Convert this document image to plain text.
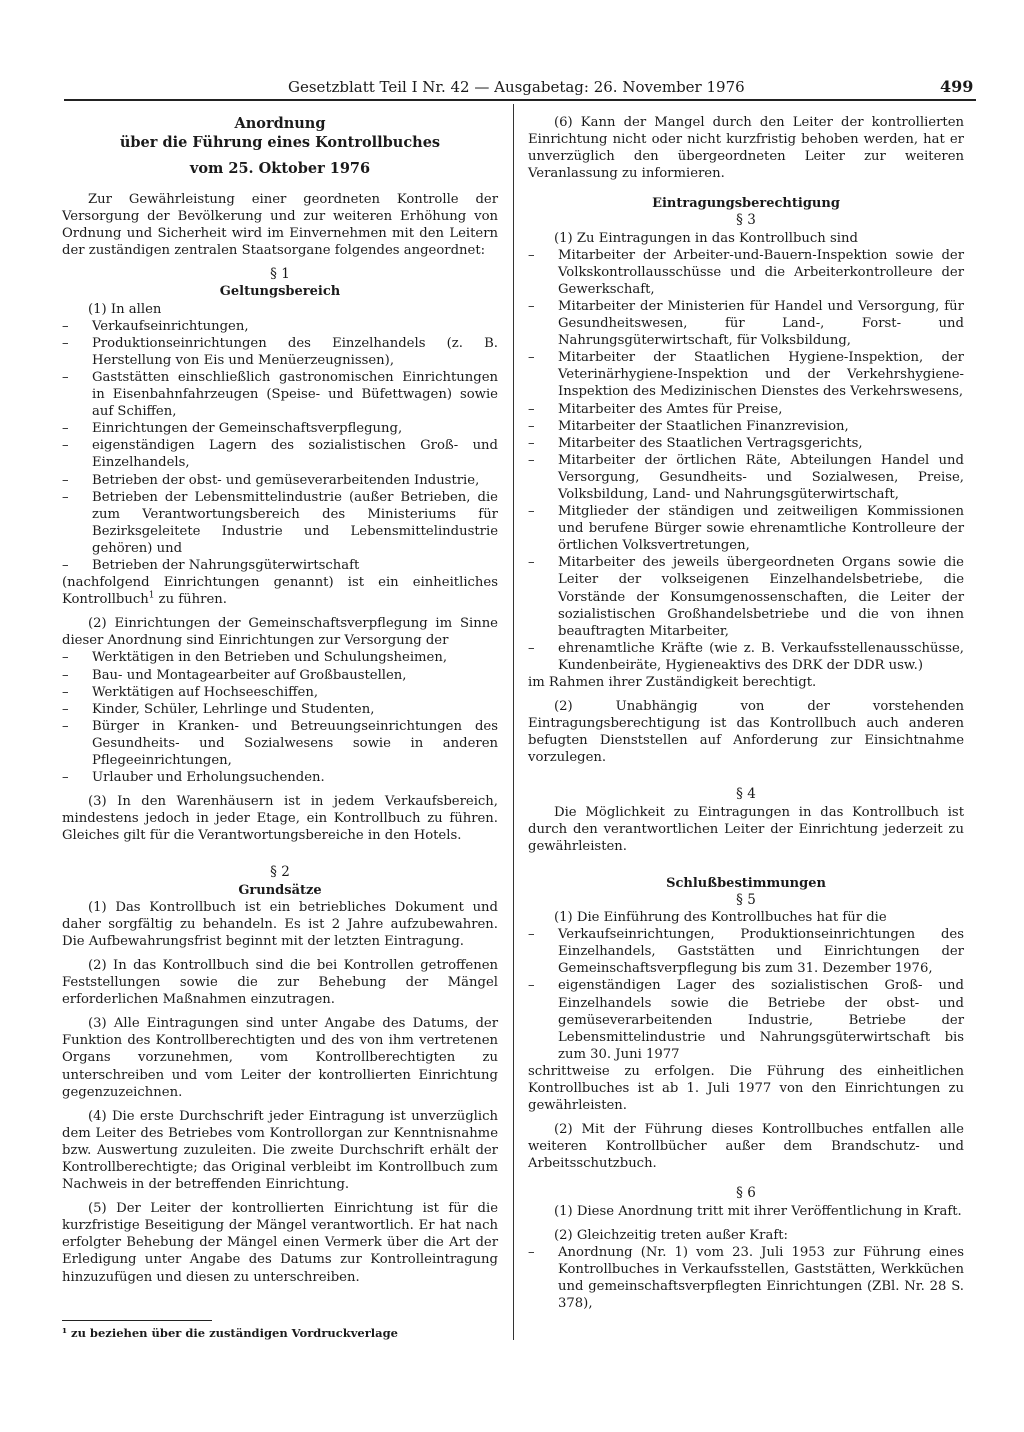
Gesetzblatt Teil I Nr. 42 — Ausgabetag: 26. November 1976	499
Anordnung
über die Führung eines Kontrollbuches
vom 25. Oktober 1976

Zur Gewährleistung einer geordneten Kontrolle der Versorgung der Bevölkerung und zur weiteren Erhöhung von Ordnung und Sicherheit wird im Einvernehmen mit den Leitern der zuständigen zentralen Staatsorgane folgendes angeordnet:

§ 1
Geltungsbereich

(1) In allen

– Verkaufseinrichtungen,
– Produktionseinrichtungen des Einzelhandels (z. B. Herstellung von Eis und Menüerzeugnissen),
– Gaststätten einschließlich gastronomischen Einrichtungen in Eisenbahnfahrzeugen (Speise- und Büfettwagen) sowie auf Schiffen,
– Einrichtungen der Gemeinschaftsverpflegung,
– eigenständigen Lagern des sozialistischen Groß- und Einzelhandels,
– Betrieben der obst- und gemüseverarbeitenden Industrie,
– Betrieben der Lebensmittelindustrie (außer Betrieben, die zum Verantwortungsbereich des Ministeriums für Bezirksgeleitete Industrie und Lebensmittelindustrie gehören) und
– Betrieben der Nahrungsgüterwirtschaft

(nachfolgend Einrichtungen genannt) ist ein einheitliches Kontrollbuch$^1$ zu führen.

(2) Einrichtungen der Gemeinschaftsverpflegung im Sinne dieser Anordnung sind Einrichtungen zur Versorgung der

– Werktätigen in den Betrieben und Schulungsheimen,
– Bau- und Montagearbeiter auf Großbaustellen,
– Werktätigen auf Hochseeschiffen,
– Kinder, Schüler, Lehrlinge und Studenten,
– Bürger in Kranken- und Betreuungseinrichtungen des Gesundheits- und Sozialwesens sowie in anderen Pflegeeinrichtungen,
– Urlauber und Erholungsuchenden.

(3) In den Warenhäusern ist in jedem Verkaufsbereich, mindestens jedoch in jeder Etage, ein Kontrollbuch zu führen. Gleiches gilt für die Verantwortungsbereiche in den Hotels.

§ 2
Grundsätze

(1) Das Kontrollbuch ist ein betriebliches Dokument und daher sorgfältig zu behandeln. Es ist 2 Jahre aufzubewahren. Die Aufbewahrungsfrist beginnt mit der letzten Eintragung.

(2) In das Kontrollbuch sind die bei Kontrollen getroffenen Feststellungen sowie die zur Behebung der Mängel erforderlichen Maßnahmen einzutragen.

(3) Alle Eintragungen sind unter Angabe des Datums, der Funktion des Kontrollberechtigten und des von ihm vertretenen Organs vorzunehmen, vom Kontrollberechtigten zu unterschreiben und vom Leiter der kontrollierten Einrichtung gegenzuzeichnen.

(4) Die erste Durchschrift jeder Eintragung ist unverzüglich dem Leiter des Betriebes vom Kontrollorgan zur Kenntnisnahme bzw. Auswertung zuzuleiten. Die zweite Durchschrift erhält der Kontrollberechtigte; das Original verbleibt im Kontrollbuch zum Nachweis in der betreffenden Einrichtung.

(5) Der Leiter der kontrollierten Einrichtung ist für die kurzfristige Beseitigung der Mängel verantwortlich. Er hat nach erfolgter Behebung der Mängel einen Vermerk über die Art der Erledigung unter Angabe des Datums zur Kontrolleintragung hinzuzufügen und diesen zu unterschreiben.

¹ zu beziehen über die zuständigen Vordruckverlage

(6) Kann der Mangel durch den Leiter der kontrollierten Einrichtung nicht oder nicht kurzfristig behoben werden, hat er unverzüglich den übergeordneten Leiter zur weiteren Veranlassung zu informieren.

Eintragungsberechtigung
§ 3

(1) Zu Eintragungen in das Kontrollbuch sind

– Mitarbeiter der Arbeiter-und-Bauern-Inspektion sowie der Volkskontrollausschüsse und die Arbeiterkontrolleure der Gewerkschaft,
– Mitarbeiter der Ministerien für Handel und Versorgung, für Gesundheitswesen, für Land-, Forst- und Nahrungsgüterwirtschaft, für Volksbildung,
– Mitarbeiter der Staatlichen Hygiene-Inspektion, der Veterinärhygiene-Inspektion und der Verkehrshygiene-Inspektion des Medizinischen Dienstes des Verkehrswesens,
– Mitarbeiter des Amtes für Preise,
– Mitarbeiter der Staatlichen Finanzrevision,
– Mitarbeiter des Staatlichen Vertragsgerichts,
– Mitarbeiter der örtlichen Räte, Abteilungen Handel und Versorgung, Gesundheits- und Sozialwesen, Preise, Volksbildung, Land- und Nahrungsgüterwirtschaft,
– Mitglieder der ständigen und zeitweiligen Kommissionen und berufene Bürger sowie ehrenamtliche Kontrolleure der örtlichen Volksvertretungen,
– Mitarbeiter des jeweils übergeordneten Organs sowie die Leiter der volkseigenen Einzelhandelsbetriebe, die Vorstände der Konsumgenossenschaften, die Leiter der sozialistischen Großhandelsbetriebe und die von ihnen beauftragten Mitarbeiter,
– ehrenamtliche Kräfte (wie z. B. Verkaufsstellenausschüsse, Kundenbeiräte, Hygieneaktivs des DRK der DDR usw.)

im Rahmen ihrer Zuständigkeit berechtigt.

(2) Unabhängig von der vorstehenden Eintragungsberechtigung ist das Kontrollbuch auch anderen befugten Dienststellen auf Anforderung zur Einsichtnahme vorzulegen.

§ 4

Die Möglichkeit zu Eintragungen in das Kontrollbuch ist durch den verantwortlichen Leiter der Einrichtung jederzeit zu gewährleisten.

Schlußbestimmungen
§ 5

(1) Die Einführung des Kontrollbuches hat für die

– Verkaufseinrichtungen, Produktionseinrichtungen des Einzelhandels, Gaststätten und Einrichtungen der Gemeinschaftsverpflegung bis zum 31. Dezember 1976,
– eigenständigen Lager des sozialistischen Groß- und Einzelhandels sowie die Betriebe der obst- und gemüseverarbeitenden Industrie, Betriebe der Lebensmittelindustrie und Nahrungsgüterwirtschaft bis zum 30. Juni 1977

schrittweise zu erfolgen. Die Führung des einheitlichen Kontrollbuches ist ab 1. Juli 1977 von den Einrichtungen zu gewährleisten.

(2) Mit der Führung dieses Kontrollbuches entfallen alle weiteren Kontrollbücher außer dem Brandschutz- und Arbeitsschutzbuch.

§ 6

(1) Diese Anordnung tritt mit ihrer Veröffentlichung in Kraft.

(2) Gleichzeitig treten außer Kraft:

– Anordnung (Nr. 1) vom 23. Juli 1953 zur Führung eines Kontrollbuches in Verkaufsstellen, Gaststätten, Werkküchen und gemeinschaftsverpflegten Einrichtungen (ZBl. Nr. 28 S. 378),
